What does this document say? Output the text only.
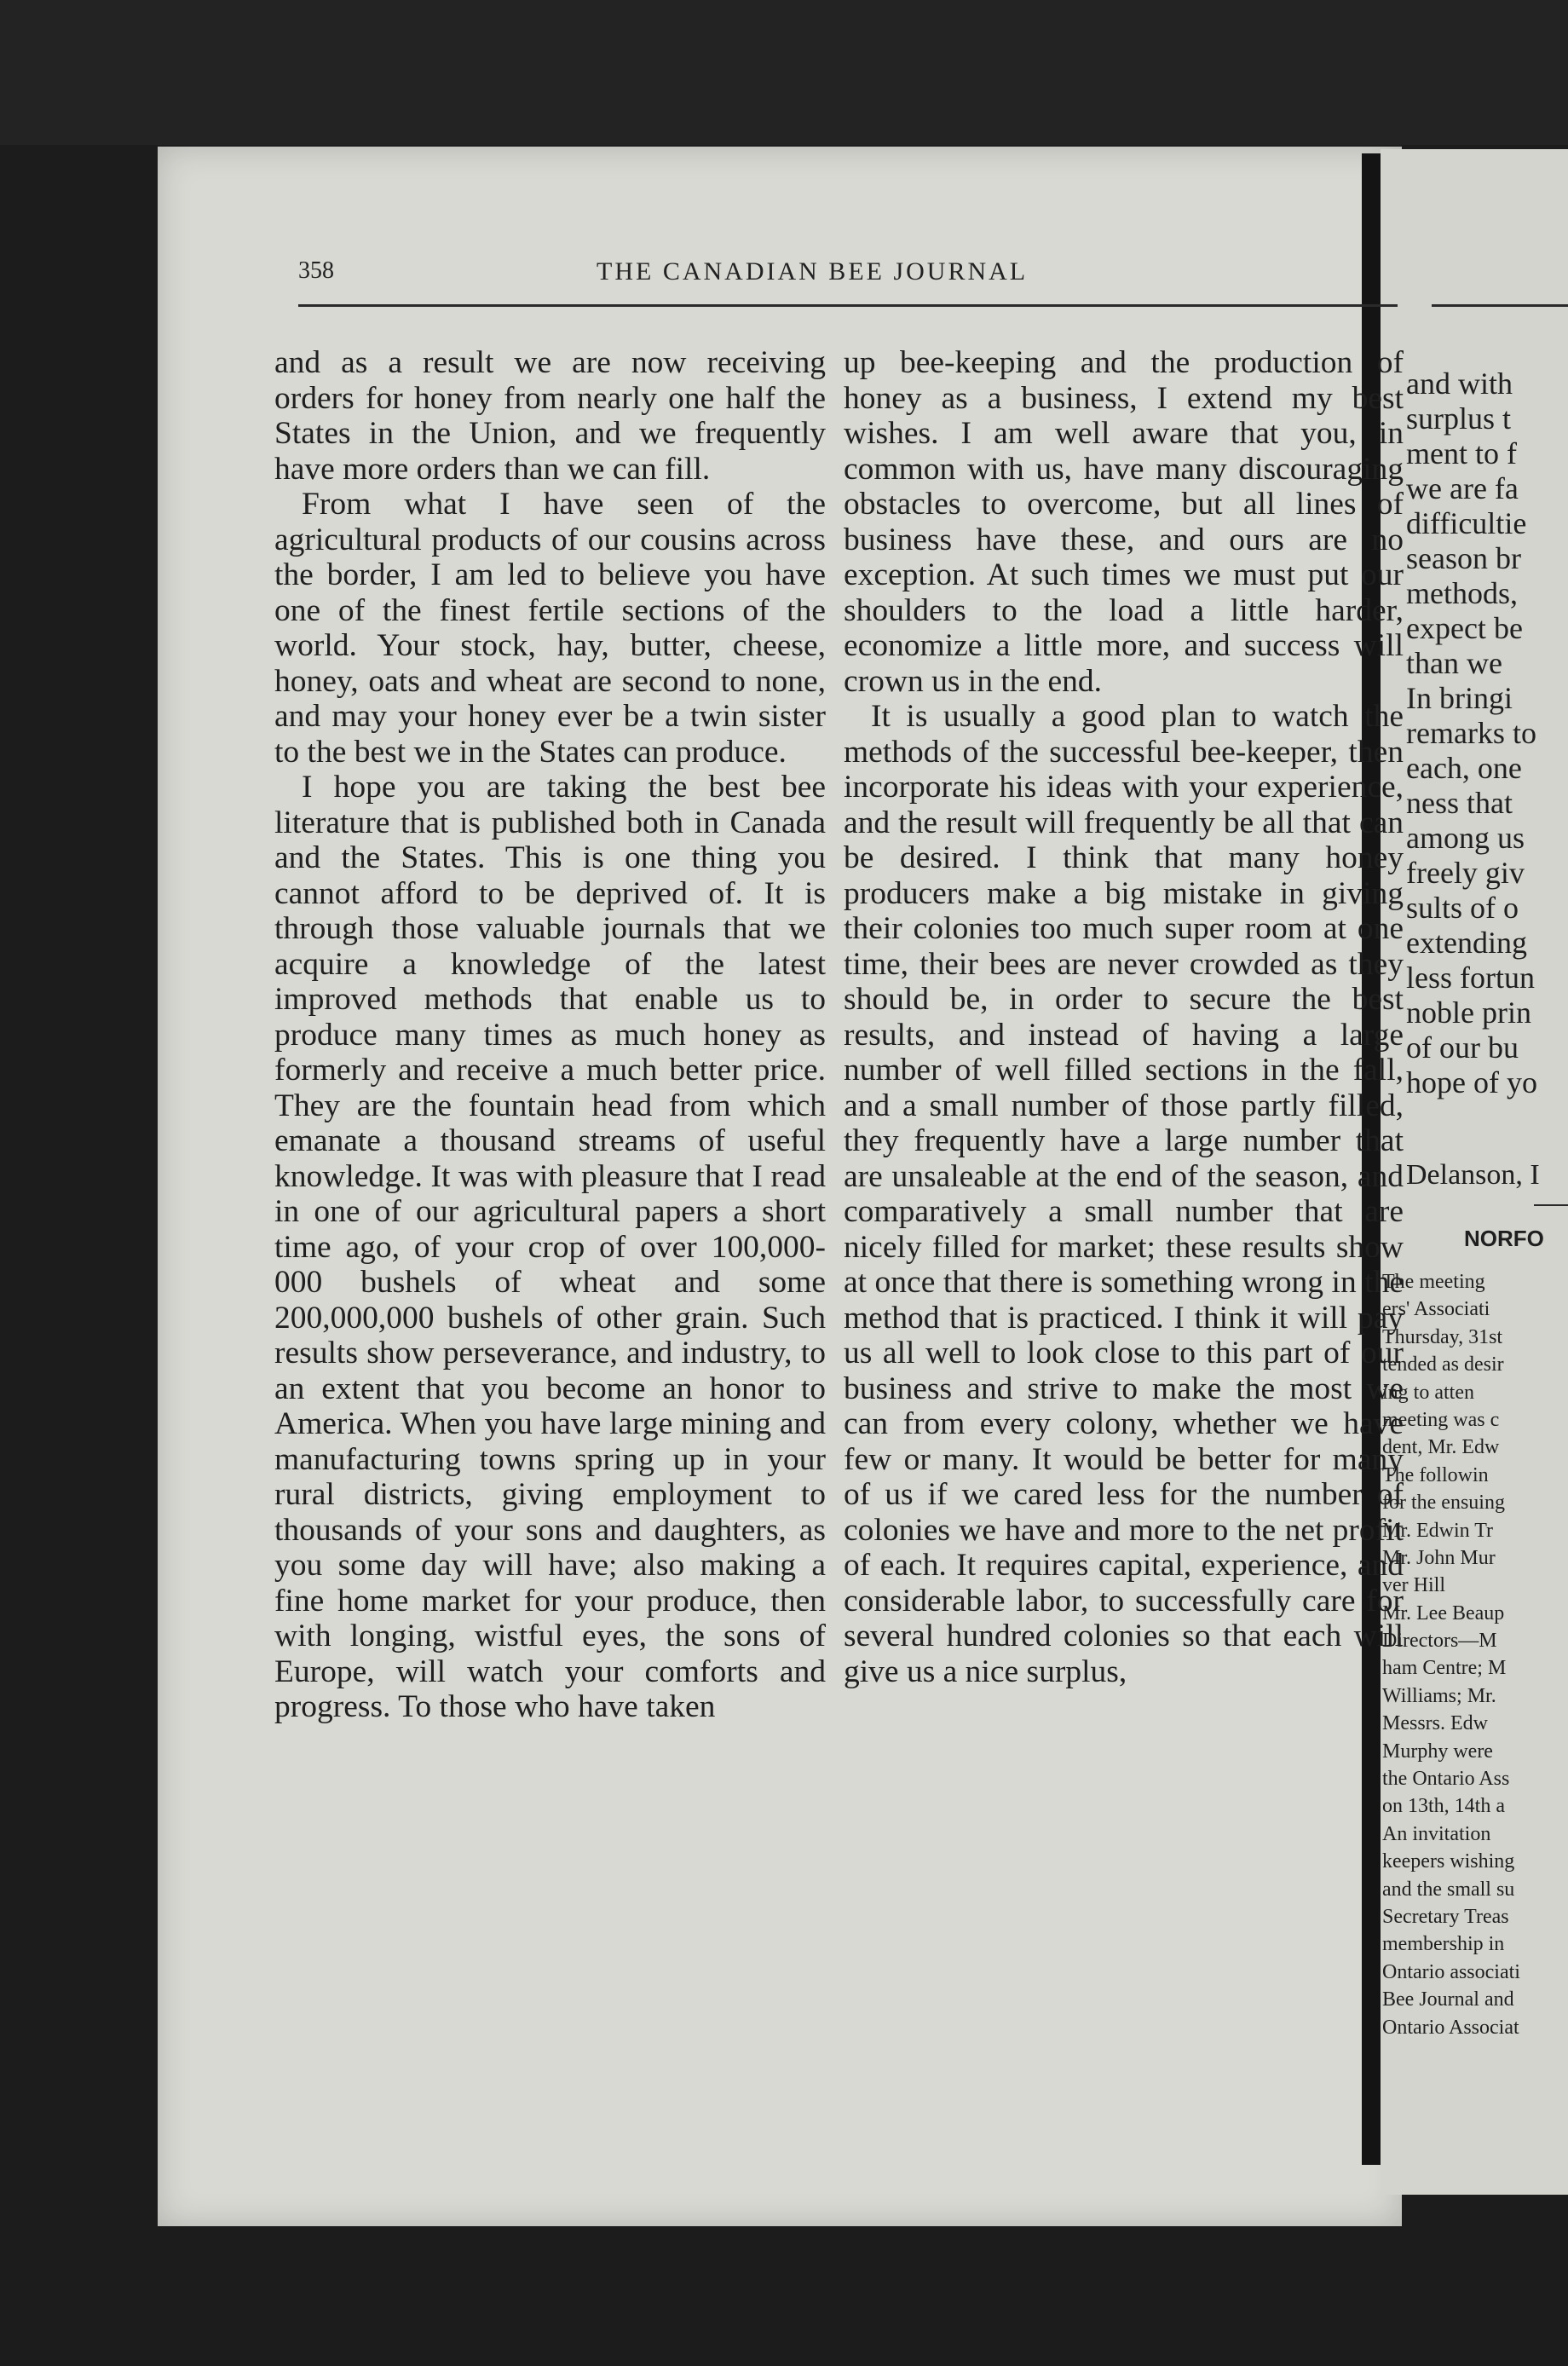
358	THE CANADIAN BEE JOURNAL

and as a result we are now receiving orders for honey from nearly one half the States in the Union, and we frequently have more orders than we can fill.

From what I have seen of the agricultural products of our cousins across the border, I am led to believe you have one of the finest fertile sections of the world. Your stock, hay, butter, cheese, honey, oats and wheat are second to none, and may your honey ever be a twin sister to the best we in the States can produce.

I hope you are taking the best bee literature that is published both in Canada and the States. This is one thing you cannot afford to be deprived of. It is through those valuable journals that we acquire a knowledge of the latest improved methods that enable us to produce many times as much honey as formerly and receive a much better price. They are the fountain head from which emanate a thousand streams of useful knowledge. It was with pleasure that I read in one of our agricultural papers a short time ago, of your crop of over 100,000-000 bushels of wheat and some 200,000,000 bushels of other grain. Such results show perseverance, and industry, to an extent that you become an honor to America. When you have large mining and manufacturing towns spring up in your rural districts, giving employment to thousands of your sons and daughters, as you some day will have; also making a fine home market for your produce, then with longing, wistful eyes, the sons of Europe, will watch your comforts and progress. To those who have taken

up bee-keeping and the production of honey as a business, I extend my best wishes. I am well aware that you, in common with us, have many discouraging obstacles to overcome, but all lines of business have these, and ours are no exception. At such times we must put our shoulders to the load a little harder, economize a little more, and success will crown us in the end.

It is usually a good plan to watch the methods of the successful bee-keeper, then incorporate his ideas with your experience, and the result will frequently be all that can be desired. I think that many honey producers make a big mistake in giving their colonies too much super room at one time, their bees are never crowded as they should be, in order to secure the best results, and instead of having a large number of well filled sections in the fall, and a small number of those partly filled, they frequently have a large number that are unsaleable at the end of the season, and comparatively a small number that are nicely filled for market; these results show at once that there is something wrong in the method that is practiced. I think it will pay us all well to look close to this part of our business and strive to make the most we can from every colony, whether we have few or many. It would be better for many of us if we cared less for the number of colonies we have and more to the net profit of each. It requires capital, experience, and considerable labor, to successfully care for several hundred colonies so that each will give us a nice surplus,

and with
surplus t
ment to f
we are fa
difficultie
season br
methods,
expect be
than we
In bringi
remarks to
each, one
ness that
among us
freely giv
sults of o
extending
less fortun
noble prin
of our bu
hope of yo
Delanson, I
NORFO
The meeting
ers' Associati
Thursday, 31st
tended as desir
ing to atten
meeting was c
dent, Mr. Edw
The followin
for the ensuing
Mr. Edwin Tr
Mr. John Mur
ver Hill
Mr. Lee Beaup
Directors—M
ham Centre; M
Williams; Mr.
Messrs. Edw
Murphy were
the Ontario Ass
on 13th, 14th a
An invitation
keepers wishing
and the small su
Secretary Treas
membership in
Ontario associati
Bee Journal and
Ontario Associat
